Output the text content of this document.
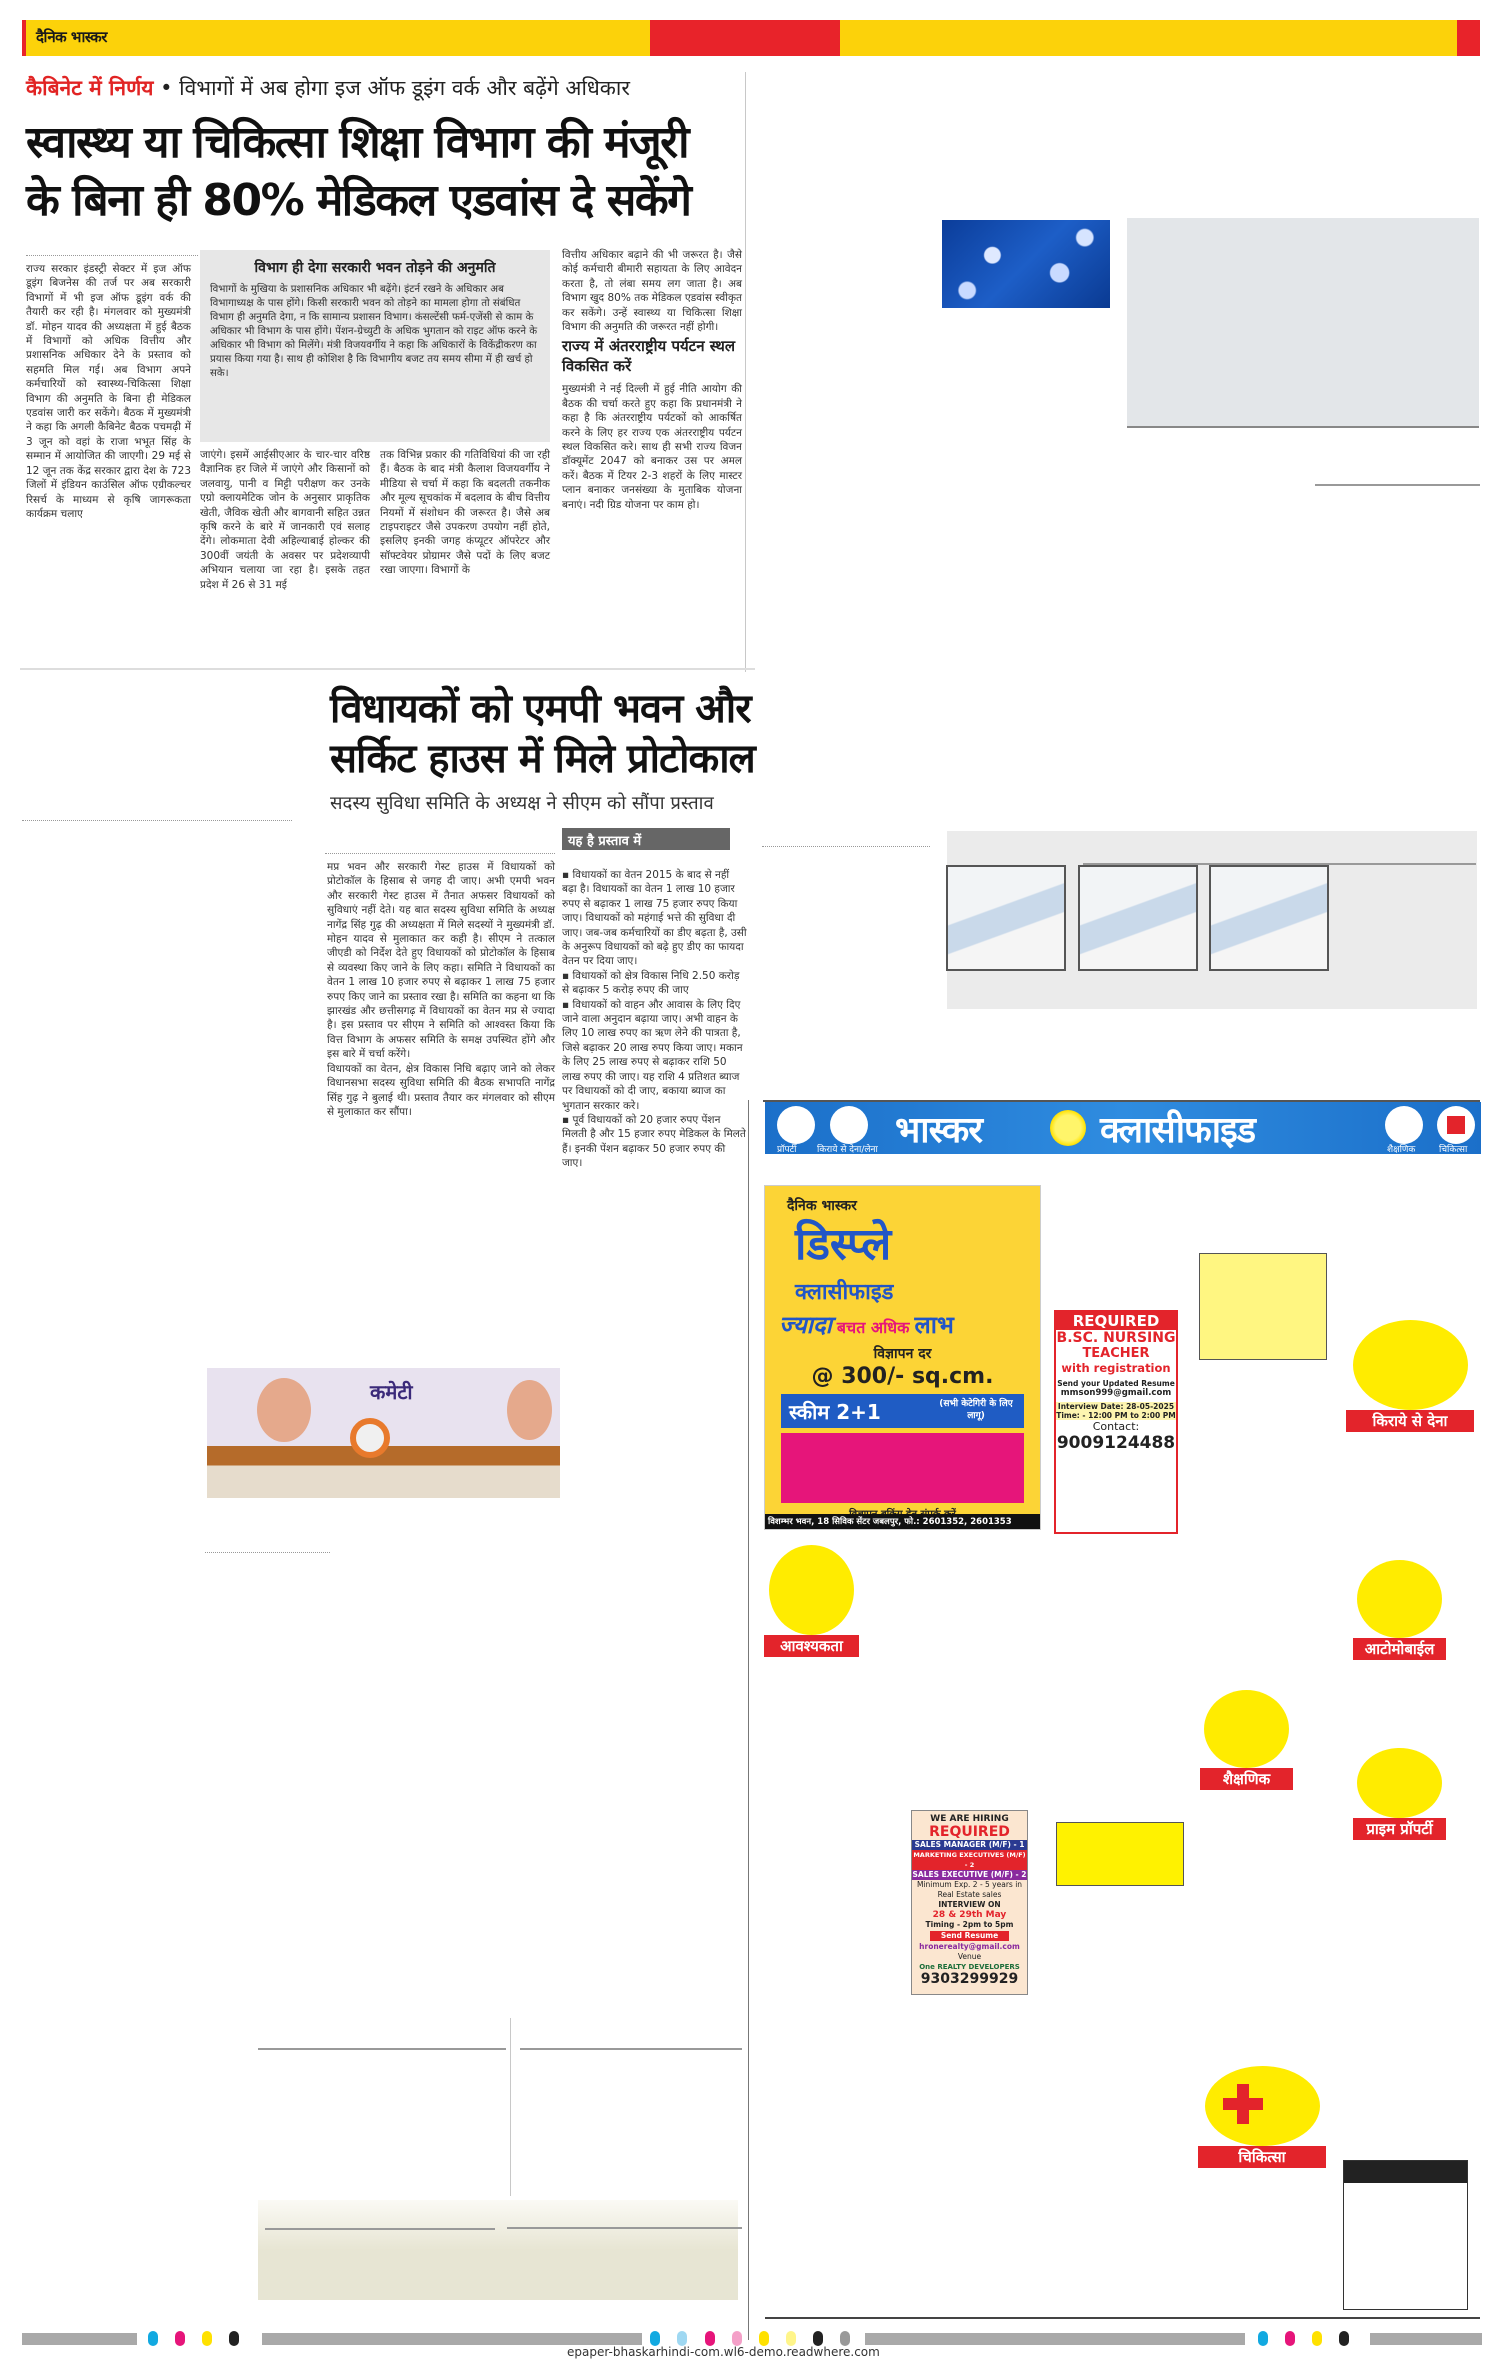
दैनिक भास्कर
कैबिनेट में निर्णय • विभागों में अब होगा इज ऑफ डूइंग वर्क और बढ़ेंगे अधिकार
स्वास्थ्य या चिकित्सा शिक्षा विभाग की मंजूरी
के बिना ही 80% मेडिकल एडवांस दे सकेंगे
राज्य सरकार इंडस्ट्री सेक्टर में इज ऑफ डूइंग बिजनेस की तर्ज पर अब सरकारी विभागों में भी इज ऑफ डूइंग वर्क की तैयारी कर रही है। मंगलवार को मुख्यमंत्री डॉ. मोहन यादव की अध्यक्षता में हुई बैठक में विभागों को अधिक वित्तीय और प्रशासनिक अधिकार देने के प्रस्ताव को सहमति मिल गई। अब विभाग अपने कर्मचारियों को स्वास्थ्य-चिकित्सा शिक्षा विभाग की अनुमति के बिना ही मेडिकल एडवांस जारी कर सकेंगे। बैठक में मुख्यमंत्री ने कहा कि अगली कैबिनेट बैठक पचमढ़ी में 3 जून को वहां के राजा भभूत सिंह के सम्मान में आयोजित की जाएगी। 29 मई से 12 जून तक केंद्र सरकार द्वारा देश के 723 जिलों में इंडियन काउंसिल ऑफ एग्रीकल्चर रिसर्च के माध्यम से कृषि जागरूकता कार्यक्रम चलाए
विभाग ही देगा सरकारी भवन तोड़ने की अनुमति

विभागों के मुखिया के प्रशासनिक अधिकार भी बढ़ेंगे। इंटर्न रखने के अधिकार अब विभागाध्यक्ष के पास होंगे। किसी सरकारी भवन को तोड़ने का मामला होगा तो संबंधित विभाग ही अनुमति देगा, न कि सामान्य प्रशासन विभाग। कंसल्टेंसी फर्म-एजेंसी से काम के अधिकार भी विभाग के पास होंगे। पेंशन-ग्रेच्युटी के अधिक भुगतान को राइट ऑफ करने के अधिकार भी विभाग को मिलेंगे। मंत्री विजयवर्गीय ने कहा कि अधिकारों के विकेंद्रीकरण का प्रयास किया गया है। साथ ही कोशिश है कि विभागीय बजट तय समय सीमा में ही खर्च हो सके।

जाएंगे। इसमें आईसीएआर के चार-चार वरिष्ठ वैज्ञानिक हर जिले में जाएंगे और किसानों को जलवायु, पानी व मिट्टी परीक्षण कर उनके एग्रो क्लायमेटिक जोन के अनुसार प्राकृतिक खेती, जैविक खेती और बागवानी सहित उन्नत कृषि करने के बारे में जानकारी एवं सलाह देंगे। लोकमाता देवी अहिल्याबाई होल्कर की 300वीं जयंती के अवसर पर प्रदेशव्यापी अभियान चलाया जा रहा है। इसके तहत प्रदेश में 26 से 31 मई
तक विभिन्न प्रकार की गतिविधियां की जा रही हैं। बैठक के बाद मंत्री कैलाश विजयवर्गीय ने मीडिया से चर्चा में कहा कि बदलती तकनीक और मूल्य सूचकांक में बदलाव के बीच वित्तीय नियमों में संशोधन की जरूरत है। जैसे अब टाइपराइटर जैसे उपकरण उपयोग नहीं होते, इसलिए इनकी जगह कंप्यूटर ऑपरेटर और सॉफ्टवेयर प्रोग्रामर जैसे पदों के लिए बजट रखा जाएगा। विभागों के
वित्तीय अधिकार बढ़ाने की भी जरूरत है। जैसे कोई कर्मचारी बीमारी सहायता के लिए आवेदन करता है, तो लंबा समय लग जाता है। अब विभाग खुद 80% तक मेडिकल एडवांस स्वीकृत कर सकेंगे। उन्हें स्वास्थ्य या चिकित्सा शिक्षा विभाग की अनुमति की जरूरत नहीं होगी।
राज्य में अंतरराष्ट्रीय पर्यटन स्थल विकसित करें
मुख्यमंत्री ने नई दिल्ली में हुई नीति आयोग की बैठक की चर्चा करते हुए कहा कि प्रधानमंत्री ने कहा है कि अंतरराष्ट्रीय पर्यटकों को आकर्षित करने के लिए हर राज्य एक अंतरराष्ट्रीय पर्यटन स्थल विकसित करे। साथ ही सभी राज्य विजन डॉक्यूमेंट 2047 को बनाकर उस पर अमल करें। बैठक में टियर 2-3 शहरों के लिए मास्टर प्लान बनाकर जनसंख्या के मुताबिक योजना बनाएं। नदी ग्रिड योजना पर काम हो।
विधायकों को एमपी भवन और
सर्किट हाउस में मिले प्रोटोकाल
सदस्य सुविधा समिति के अध्यक्ष ने सीएम को सौंपा प्रस्ताव
मप्र भवन और सरकारी गेस्ट हाउस में विधायकों को प्रोटोकॉल के हिसाब से जगह दी जाए। अभी एमपी भवन और सरकारी गेस्ट हाउस में तैनात अफसर विधायकों को सुविधाएं नहीं देते। यह बात सदस्य सुविधा समिति के अध्यक्ष नागेंद्र सिंह गुढ़ की अध्यक्षता में मिले सदस्यों ने मुख्यमंत्री डॉ. मोहन यादव से मुलाकात कर कही है। सीएम ने तत्काल जीएडी को निर्देश देते हुए विधायकों को प्रोटोकॉल के हिसाब से व्यवस्था किए जाने के लिए कहा। समिति ने विधायकों का वेतन 1 लाख 10 हजार रुपए से बढ़ाकर 1 लाख 75 हजार रुपए किए जाने का प्रस्ताव रखा है। समिति का कहना था कि झारखंड और छत्तीसगढ़ में विधायकों का वेतन मप्र से ज्यादा है। इस प्रस्ताव पर सीएम ने समिति को आश्वस्त किया कि वित्त विभाग के अफसर समिति के समक्ष उपस्थित होंगे और इस बारे में चर्चा करेंगे।
विधायकों का वेतन, क्षेत्र विकास निधि बढ़ाए जाने को लेकर विधानसभा सदस्य सुविधा समिति की बैठक सभापति नागेंद्र सिंह गुढ़ ने बुलाई थी। प्रस्ताव तैयार कर मंगलवार को सीएम से मुलाकात कर सौंपा।
यह है प्रस्ताव में

▪ विधायकों का वेतन 2015 के बाद से नहीं बढ़ा है। विधायकों का वेतन 1 लाख 10 हजार रुपए से बढ़ाकर 1 लाख 75 हजार रुपए किया जाए। विधायकों को महंगाई भत्ते की सुविधा दी जाए। जब-जब कर्मचारियों का डीए बढ़ता है, उसी के अनुरूप विधायकों को बढ़े हुए डीए का फायदा वेतन पर दिया जाए।

▪ विधायकों को क्षेत्र विकास निधि 2.50 करोड़ से बढ़ाकर 5 करोड़ रुपए की जाए

▪ विधायकों को वाहन और आवास के लिए दिए जाने वाला अनुदान बढ़ाया जाए। अभी वाहन के लिए 10 लाख रुपए का ऋण लेने की पात्रता है, जिसे बढ़ाकर 20 लाख रुपए किया जाए। मकान के लिए 25 लाख रुपए से बढ़ाकर राशि 50 लाख रुपए की जाए। यह राशि 4 प्रतिशत ब्याज पर विधायकों को दी जाए, बकाया ब्याज का भुगतान सरकार करे।

▪ पूर्व विधायकों को 20 हजार रुपए पेंशन मिलती है और 15 हजार रुपए मेडिकल के मिलते हैं। इनकी पेंशन बढ़ाकर 50 हजार रुपए की जाए।

कमेटी
प्रॉपर्टी किराये से देना/लेना भास्कर	क्लासीफाइड	शैक्षणिक	चिकित्सा
दैनिक भास्कर
डिस्प्ले
क्लासीफाइड
ज्यादा बचत अधिक लाभ
विज्ञापन दर
@ 300/- sq.cm.
स्कीम 2+1	(सभी केटेगिरी के लिए लागू)
विशम्भर भवन, 18 सिविक सेंटर जबलपुर, फो.: 2601352, 2601353
REQUIRED
B.SC. NURSING
TEACHER
with registration
Send your Updated Resume
mmson999@gmail.com
Interview Date: 28-05-2025
Time: - 12:00 PM to 2:00 PM
Contact:
9009124488
किराये से देना
आवश्यकता	आटोमोबाईल
शैक्षणिक
प्राइम प्रॉपर्टी
चिकित्सा
WE ARE HIRING
REQUIRED
SALES MANAGER (M/F) - 1
MARKETING EXECUTIVES (M/F) - 2
SALES EXECUTIVE (M/F) - 2
Minimum Exp. 2 - 5 years in Real Estate sales
INTERVIEW ON
28 & 29th May
Timing - 2pm to 5pm
Send Resume
hronerealty@gmail.com
Venue
One REALTY DEVELOPERS
9303299929
epaper-bhaskarhindi-com.wl6-demo.readwhere.com
